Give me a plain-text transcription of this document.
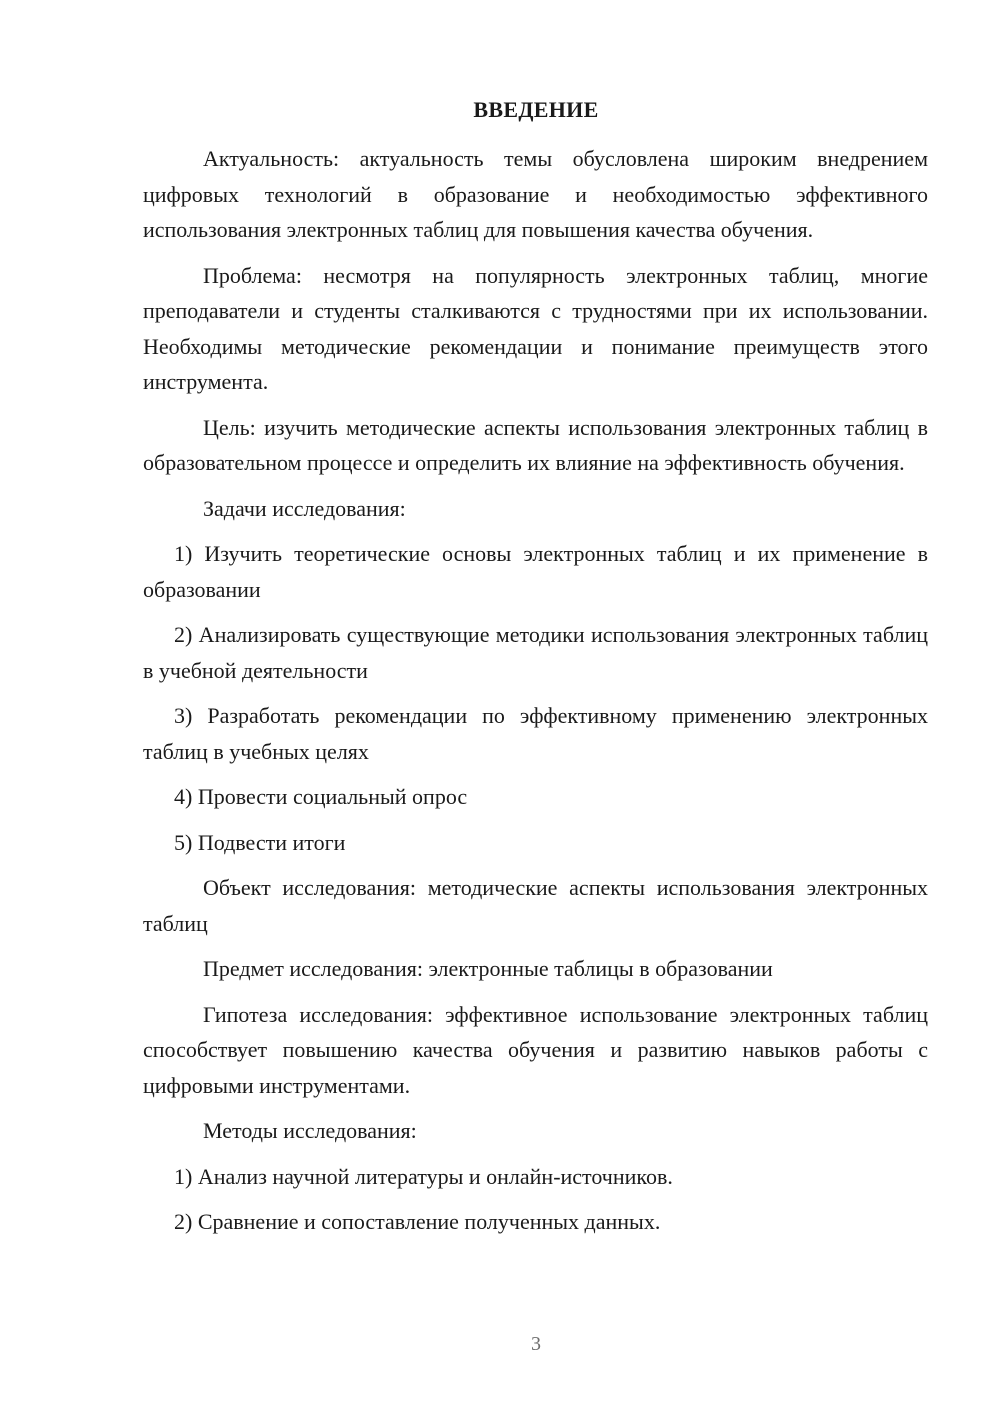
ВВЕДЕНИЕ

Актуальность: актуальность темы обусловлена широким внедрением цифровых технологий в образование и необходимостью эффективного использования электронных таблиц для повышения качества обучения.

Проблема: несмотря на популярность электронных таблиц, многие преподаватели и студенты сталкиваются с трудностями при их использовании. Необходимы методические рекомендации и понимание преимуществ этого инструмента.

Цель: изучить методические аспекты использования электронных таблиц в образовательном процессе и определить их влияние на эффективность обучения.

Задачи исследования:

1) Изучить теоретические основы электронных таблиц и их применение в образовании

2) Анализировать существующие методики использования электронных таблиц в учебной деятельности

3) Разработать рекомендации по эффективному применению электронных таблиц в учебных целях

4) Провести социальный опрос

5) Подвести итоги

Объект исследования: методические аспекты использования электронных таблиц

Предмет исследования: электронные таблицы в образовании

Гипотеза исследования: эффективное использование электронных таблиц способствует повышению качества обучения и развитию навыков работы с цифровыми инструментами.

Методы исследования:

1) Анализ научной литературы и онлайн-источников.

2) Сравнение и сопоставление полученных данных.

3
